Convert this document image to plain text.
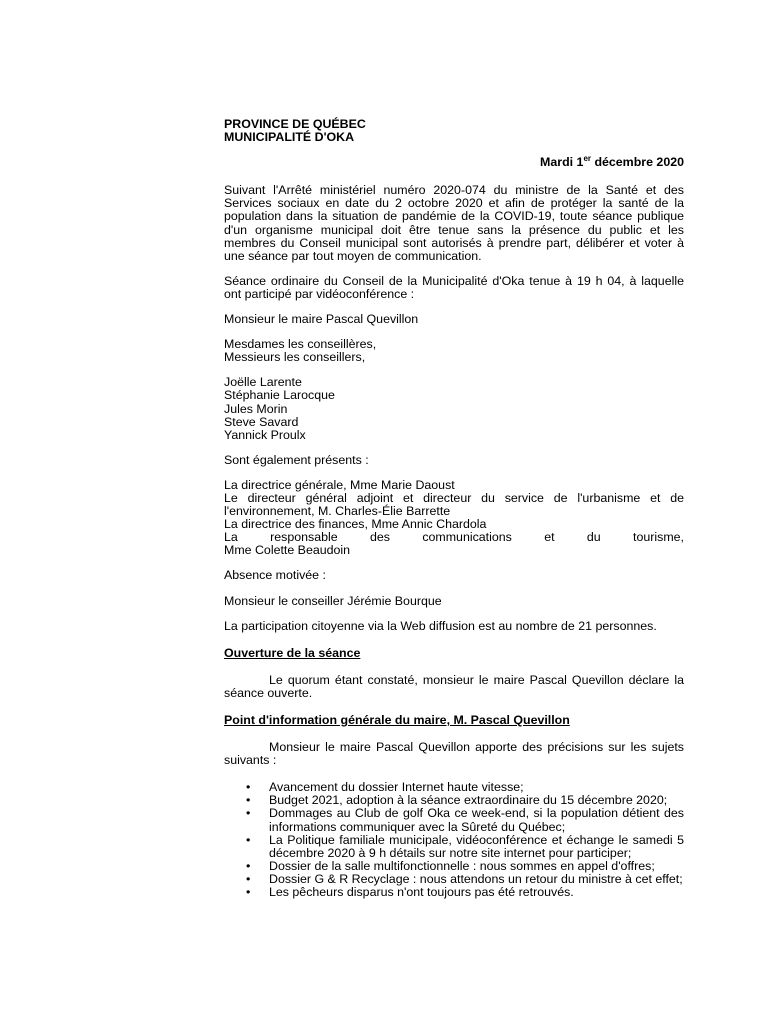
PROVINCE DE QUÉBEC
MUNICIPALITÉ D'OKA
Mardi 1er décembre 2020

Suivant l'Arrêté ministériel numéro 2020-074 du ministre de la Santé et des Services sociaux en date du 2 octobre 2020 et afin de protéger la santé de la population dans la situation de pandémie de la COVID-19, toute séance publique d'un organisme municipal doit être tenue sans la présence du public et les membres du Conseil municipal sont autorisés à prendre part, délibérer et voter à une séance par tout moyen de communication.

Séance ordinaire du Conseil de la Municipalité d'Oka tenue à 19 h 04, à laquelle ont participé par vidéoconférence :

Monsieur le maire Pascal Quevillon

Mesdames les conseillères,
Messieurs les conseillers,
Joëlle Larente
Stéphanie Larocque
Jules Morin
Steve Savard
Yannick Proulx

Sont également présents :

La directrice générale, Mme Marie Daoust

Le directeur général adjoint et directeur du service de l'urbanisme et de l'environnement, M. Charles-Élie Barrette

La directrice des finances, Mme Annic Chardola

La	responsable	des	communications	et	du	tourisme,

Mme Colette Beaudoin

Absence motivée :

Monsieur le conseiller Jérémie Bourque

La participation citoyenne via la Web diffusion est au nombre de 21 personnes.

Ouverture de la séance

Le quorum étant constaté, monsieur le maire Pascal Quevillon déclare la séance ouverte.

Point d'information générale du maire, M. Pascal Quevillon

Monsieur le maire Pascal Quevillon apporte des précisions sur les sujets suivants :

• Avancement du dossier Internet haute vitesse;
• Budget 2021, adoption à la séance extraordinaire du 15 décembre 2020;
• Dommages au Club de golf Oka ce week-end, si la population détient des informations communiquer avec la Sûreté du Québec;
• La Politique familiale municipale, vidéoconférence et échange le samedi 5 décembre 2020 à 9 h détails sur notre site internet pour participer;
• Dossier de la salle multifonctionnelle : nous sommes en appel d'offres;
• Dossier G & R Recyclage : nous attendons un retour du ministre à cet effet;
• Les pêcheurs disparus n'ont toujours pas été retrouvés.
